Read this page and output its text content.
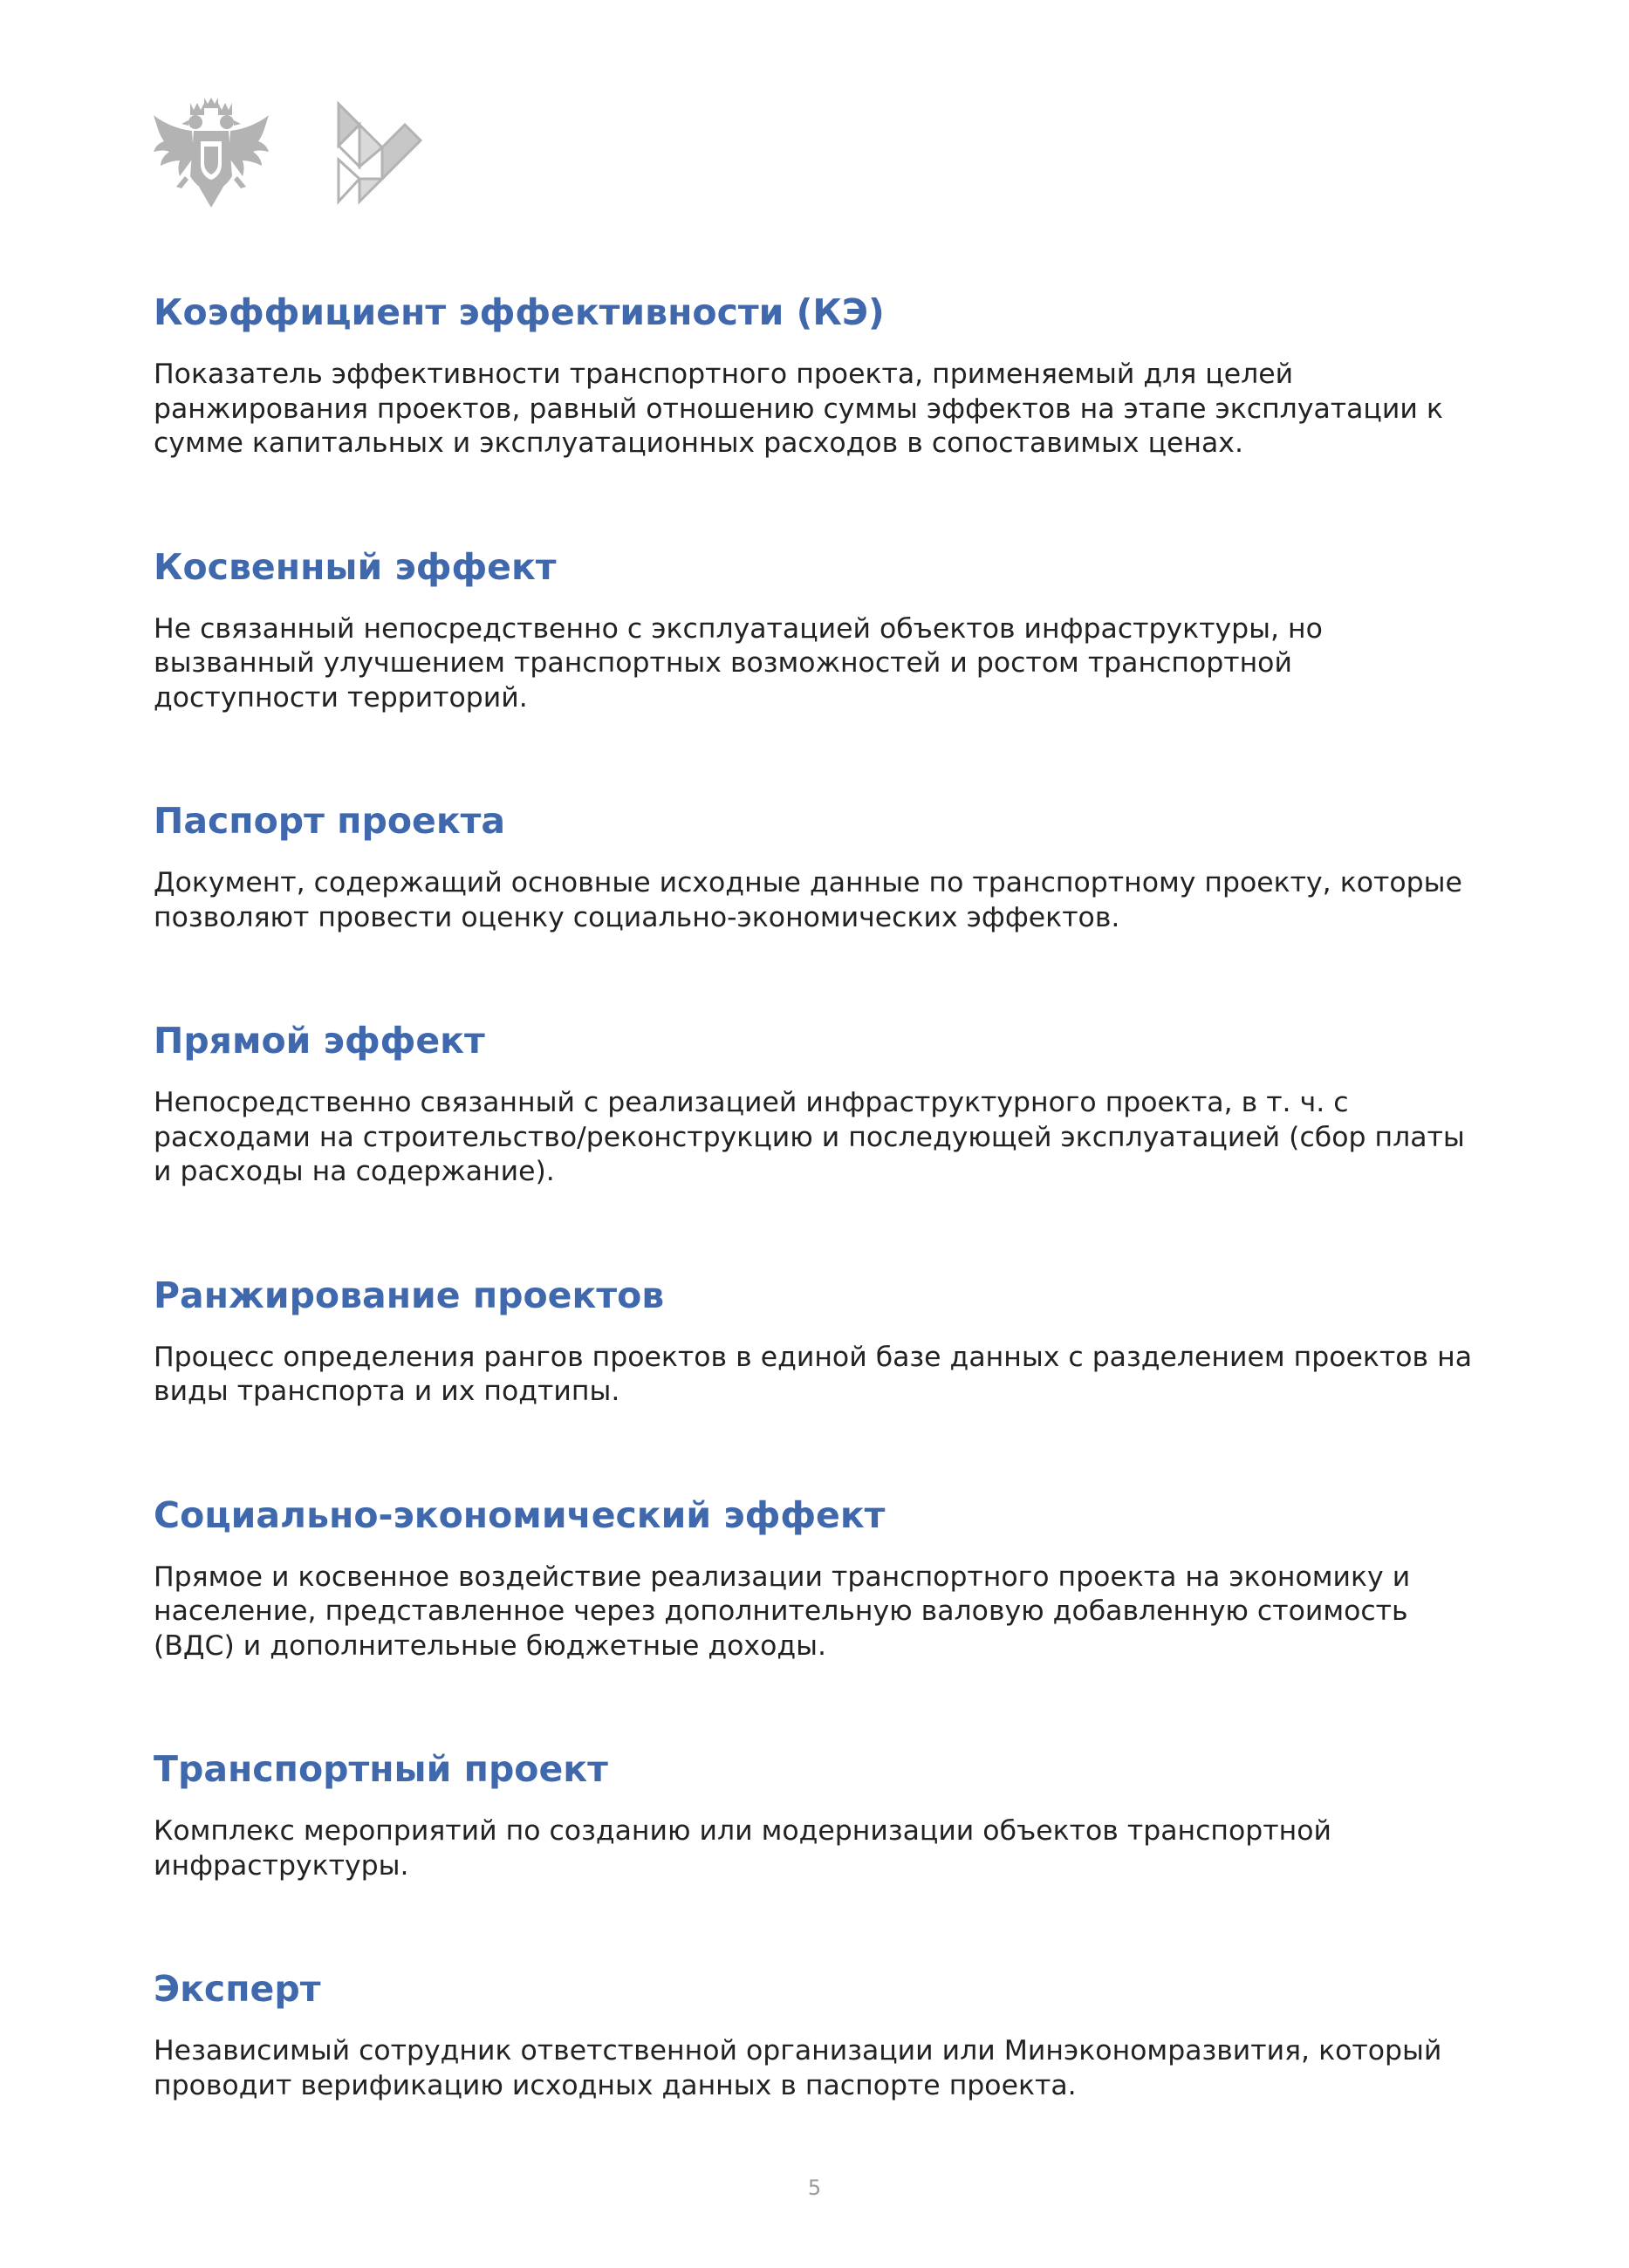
Коэффициент эффективности (КЭ)

Показатель эффективности транспортного проекта, применяемый для целей ранжирования проектов, равный отношению суммы эффектов на этапе эксплуатации к сумме капитальных и эксплуатационных расходов в сопоставимых ценах.

Косвенный эффект

Не связанный непосредственно с эксплуатацией объектов инфраструктуры, но вызванный улучшением транспортных возможностей и ростом транспортной доступности территорий.

Паспорт проекта

Документ, содержащий основные исходные данные по транспортному проекту, которые позволяют провести оценку социально-экономических эффектов.

Прямой эффект

Непосредственно связанный с реализацией инфраструктурного проекта, в т. ч. с расходами на строительство/реконструкцию и последующей эксплуатацией (сбор платы и расходы на содержание).

Ранжирование проектов

Процесс определения рангов проектов в единой базе данных с разделением проектов на виды транспорта и их подтипы.

Социально-экономический эффект

Прямое и косвенное воздействие реализации транспортного проекта на экономику и население, представленное через дополнительную валовую добавленную стоимость (ВДС) и дополнительные бюджетные доходы.

Транспортный проект

Комплекс мероприятий по созданию или модернизации объектов транспортной инфраструктуры.

Эксперт

Независимый сотрудник ответственной организации или Минэкономразвития, который проводит верификацию исходных данных в паспорте проекта.

5
